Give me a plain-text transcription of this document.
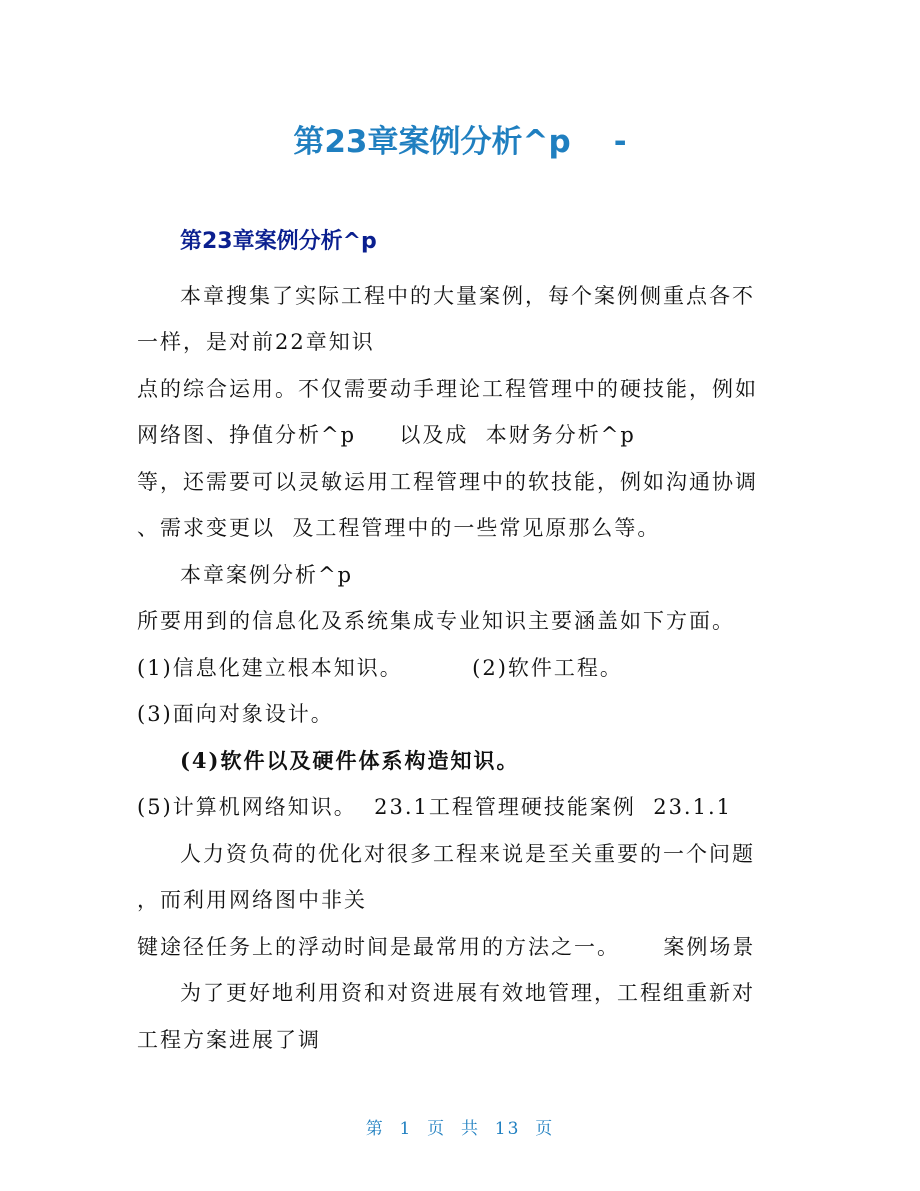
第23章案例分析^p    -
第23章案例分析^p
本章搜集了实际工程中的大量案例，每个案例侧重点各不
一样，是对前22章知识
点的综合运用。不仅需要动手理论工程管理中的硬技能，例如
网络图、挣值分析^p     以及成  本财务分析^p
等，还需要可以灵敏运用工程管理中的软技能，例如沟通协调
、需求变更以  及工程管理中的一些常见原那么等。
本章案例分析^p
所要用到的信息化及系统集成专业知识主要涵盖如下方面。
(1)信息化建立根本知识。        (2)软件工程。
(3)面向对象设计。
(4)软件以及硬件体系构造知识。
(5)计算机网络知识。  23.1工程管理硬技能案例  23.1.1
人力资负荷的优化对很多工程来说是至关重要的一个问题
，而利用网络图中非关
键途径任务上的浮动时间是最常用的方法之一。     案例场景
为了更好地利用资和对资进展有效地管理，工程组重新对
工程方案进展了调
第  1  页  共  13  页
